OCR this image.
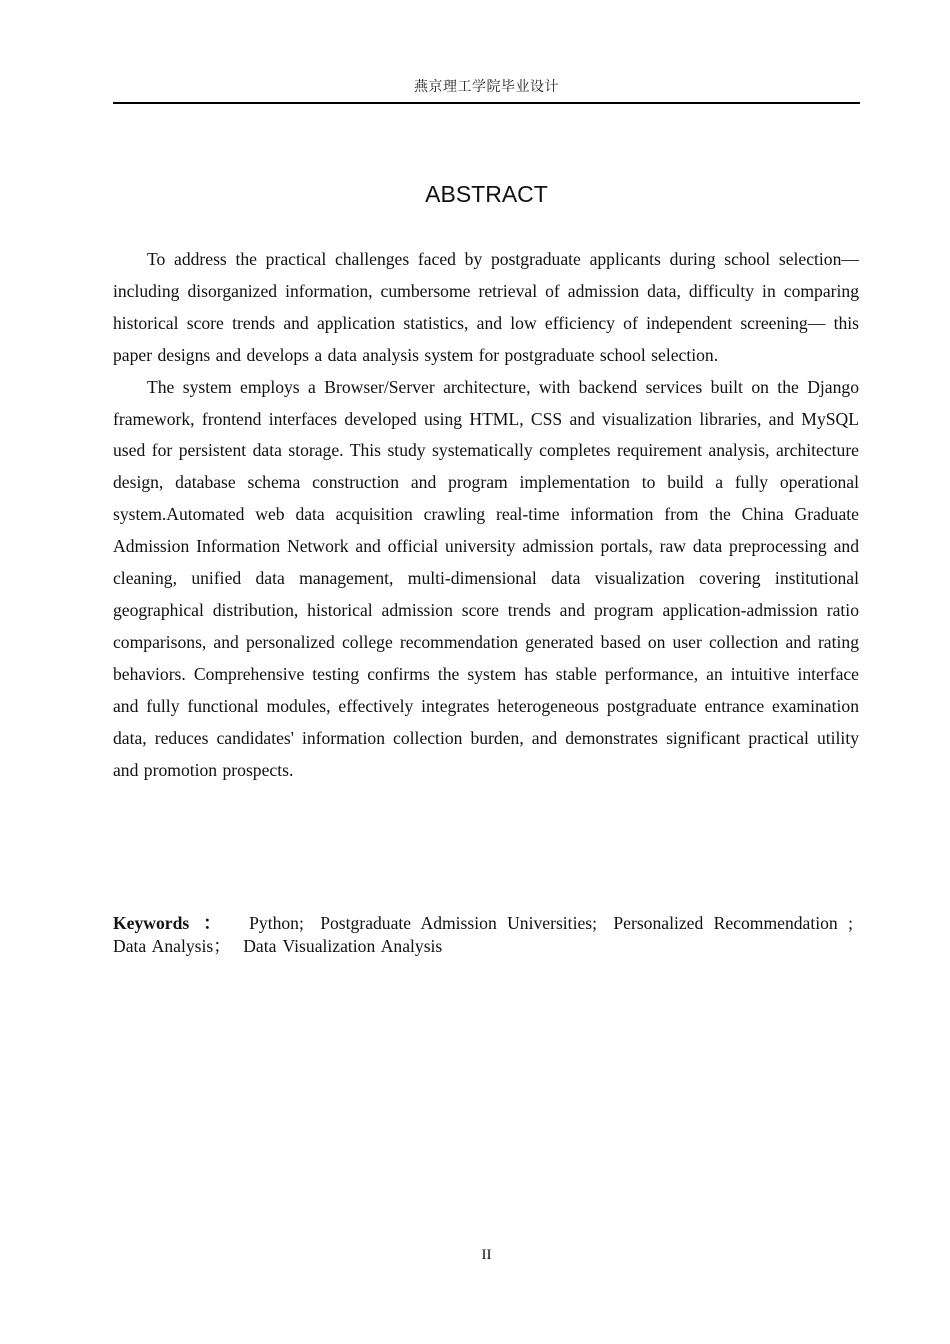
燕京理工学院毕业设计
ABSTRACT

To address the practical challenges faced by postgraduate applicants during school selection— including disorganized information, cumbersome retrieval of admission data, difficulty in comparing historical score trends and application statistics, and low efficiency of independent screening— this paper designs and develops a data analysis system for postgraduate school selection.

The system employs a Browser/Server architecture, with backend services built on the Django framework, frontend interfaces developed using HTML, CSS and visualization libraries, and MySQL used for persistent data storage. This study systematically completes requirement analysis, architecture design, database schema construction and program implementation to build a fully operational system.Automated web data acquisition crawling real-time information from the China Graduate Admission Information Network and official university admission portals, raw data preprocessing and cleaning, unified data management, multi-dimensional data visualization covering institutional geographical distribution, historical admission score trends and program application-admission ratio comparisons, and personalized college recommendation generated based on user collection and rating behaviors. Comprehensive testing confirms the system has stable performance, an intuitive interface and fully functional modules, effectively integrates heterogeneous postgraduate entrance examination data, reduces candidates' information collection burden, and demonstrates significant practical utility and promotion prospects.

Keywords ： Python; Postgraduate Admission Universities; Personalized Recommendation ; Data Analysis； Data Visualization Analysis
II
